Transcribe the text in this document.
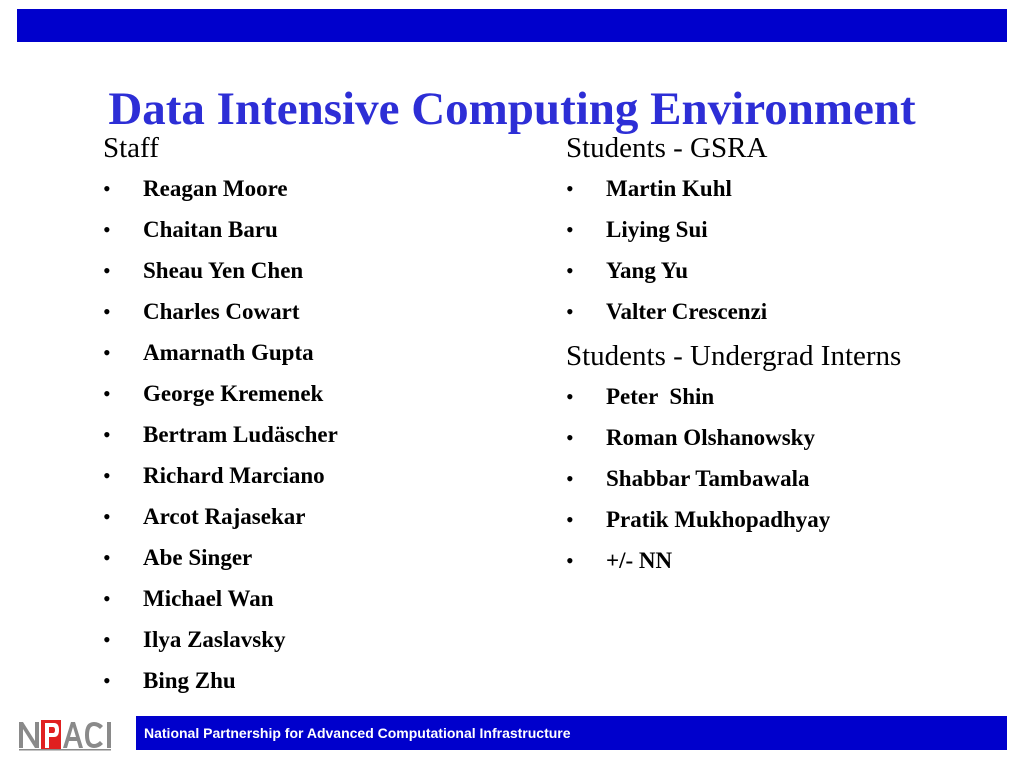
Data Intensive Computing Environment
Staff
• Reagan Moore
• Chaitan Baru
• Sheau Yen Chen
• Charles Cowart
• Amarnath Gupta
• George Kremenek
• Bertram Ludäscher
• Richard Marciano
• Arcot Rajasekar
• Abe Singer
• Michael Wan
• Ilya Zaslavsky
• Bing Zhu
Students - GSRA
• Martin Kuhl
• Liying Sui
• Yang Yu
• Valter Crescenzi
Students - Undergrad Interns
• Peter  Shin
• Roman Olshanowsky
• Shabbar Tambawala
• Pratik Mukhopadhyay
• +/- NN
National Partnership for Advanced Computational Infrastructure
